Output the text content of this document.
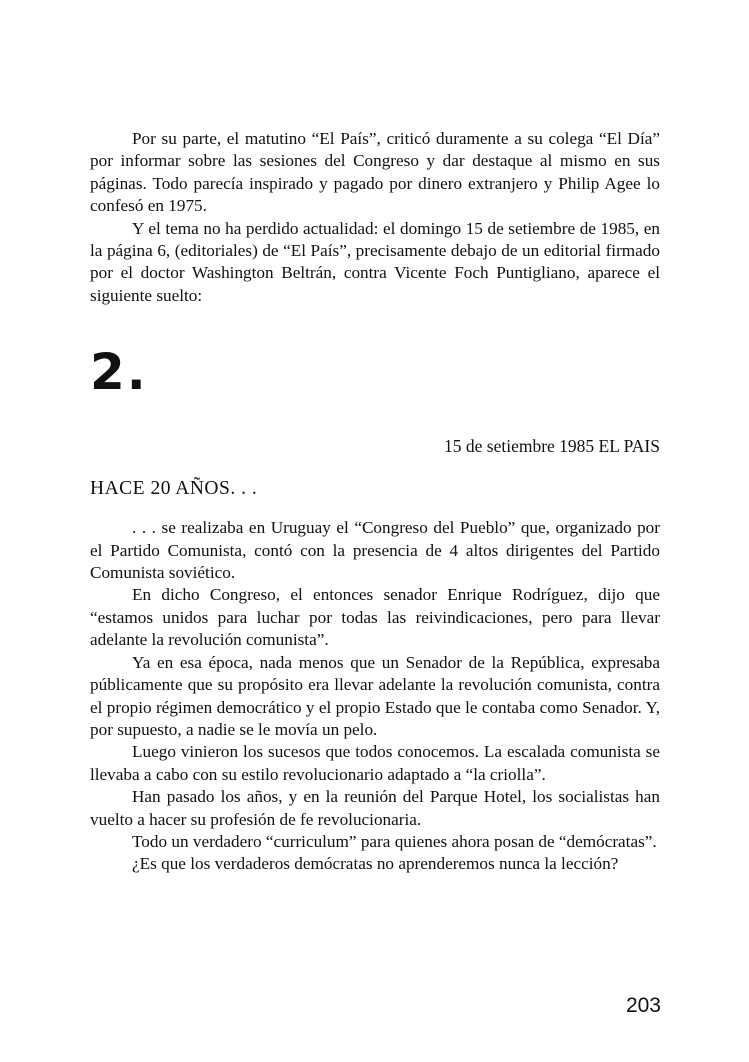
Por su parte, el matutino “El País”, criticó duramente a su colega “El Día” por informar sobre las sesiones del Congreso y dar destaque al mismo en sus páginas. Todo parecía inspirado y pagado por dinero extranjero y Philip Agee lo confesó en 1975.

Y el tema no ha perdido actualidad: el domingo 15 de setiembre de 1985, en la página 6, (editoriales) de “El País”, precisamente debajo de un editorial firmado por el doctor Washington Beltrán, contra Vicente Foch Puntigliano, aparece el siguiente suelto:

2.
15 de setiembre 1985 EL PAIS
HACE 20 AÑOS. . .

. . . se realizaba en Uruguay el “Congreso del Pueblo” que, organizado por el Partido Comunista, contó con la presencia de 4 altos dirigentes del Partido Comunista soviético.

En dicho Congreso, el entonces senador Enrique Rodríguez, dijo que “estamos unidos para luchar por todas las reivindicaciones, pero para llevar adelante la revolución comunista”.

Ya en esa época, nada menos que un Senador de la República, expresaba públicamente que su propósito era llevar adelante la revolución comunista, contra el propio régimen democrático y el propio Estado que le contaba como Senador. Y, por supuesto, a nadie se le movía un pelo.

Luego vinieron los sucesos que todos conocemos. La escalada comunista se llevaba a cabo con su estilo revolucionario adaptado a “la criolla”.

Han pasado los años, y en la reunión del Parque Hotel, los socialistas han vuelto a hacer su profesión de fe revolucionaria.

Todo un verdadero “curriculum” para quienes ahora posan de “demócratas”.

¿Es que los verdaderos demócratas no aprenderemos nunca la lección?

203
